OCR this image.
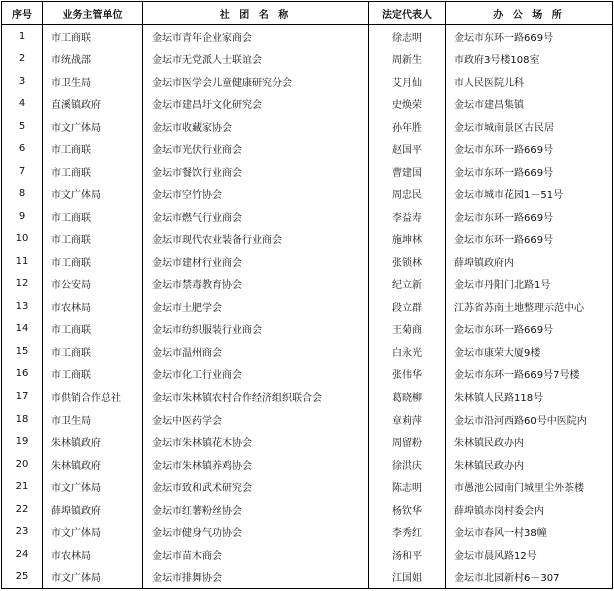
序号	业务主管单位	社 团 名 称	法定代表人	办 公 场 所
1	市工商联	金坛市青年企业家商会	徐志明	金坛市东环一路669号
2	市统战部	金坛市无党派人士联谊会	周新生	市政府3号楼108室
3	市卫生局	金坛市医学会儿童健康研究分会	艾月仙	市人民医院儿科
4	直溪镇政府	金坛市建昌圩文化研究会	史焕荣	金坛市建昌集镇
5	市文广体局	金坛市收藏家协会	孙年胜	金坛市城南景区古民居
6	市工商联	金坛市光伏行业商会	赵国平	金坛市东环一路669号
7	市工商联	金坛市餐饮行业商会	曹建国	金坛市东环一路669号
8	市文广体局	金坛市空竹协会	周忠民	金坛市城市花园1－51号
9	市工商联	金坛市燃气行业商会	李益寿	金坛市东环一路669号
10	市工商联	金坛市现代农业装备行业商会	施坤林	金坛市东环一路669号
11	市工商联	金坛市建材行业商会	张锁林	薛埠镇政府内
12	市公安局	金坛市禁毒教育协会	纪立新	金坛市丹阳门北路1号
13	市农林局	金坛市土肥学会	段立群	江苏省苏南土地整理示范中心
14	市工商联	金坛市纺织服装行业商会	王菊商	金坛市东环一路669号
15	市工商联	金坛市温州商会	白永光	金坛市康荣大厦9楼
16	市工商联	金坛市化工行业商会	张伟华	金坛市东环一路669号7号楼
17	市供销合作总社	金坛市朱林镇农村合作经济组织联合会	葛晓柳	朱林镇人民路118号
18	市卫生局	金坛中医药学会	章莉萍	金坛市沿河西路60号中医院内
19	朱林镇政府	金坛市朱林镇花木协会	周留粉	朱林镇民政办内
20	朱林镇政府	金坛市朱林镇养鸡协会	徐洪庆	朱林镇民政办内
21	市文广体局	金坛市致和武术研究会	陈志明	市愚池公园南门城里尘外茶楼
22	薛埠镇政府	金坛市红薯粉丝协会	杨钦华	薛埠镇赤岗村委会内
23	市文广体局	金坛市健身气功协会	李秀红	金坛市春风一村38幢
24	市农林局	金坛市苗木商会	汤和平	金坛市晨风路12号
25	市文广体局	金坛市排舞协会	江国姐	金坛市北园新村6－307
